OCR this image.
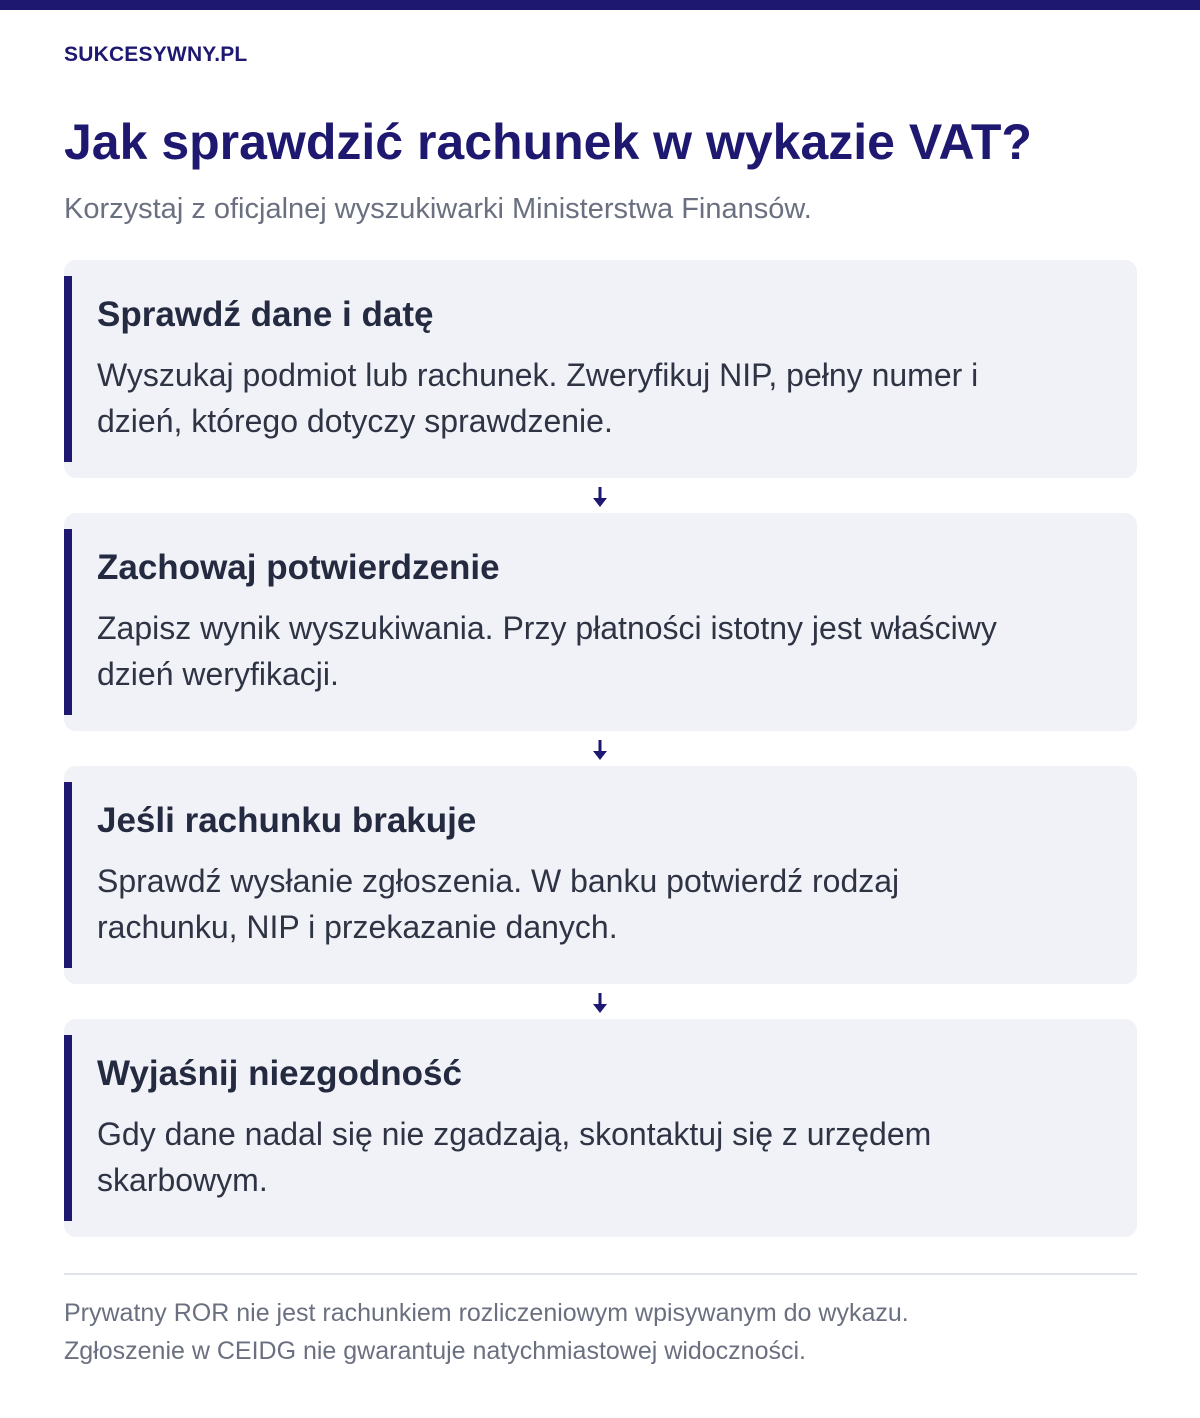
SUKCESYWNY.PL
Jak sprawdzić rachunek w wykazie VAT?
Korzystaj z oficjalnej wyszukiwarki Ministerstwa Finansów.
Sprawdź dane i datę
Wyszukaj podmiot lub rachunek. Zweryfikuj NIP, pełny numer i dzień, którego dotyczy sprawdzenie.
Zachowaj potwierdzenie
Zapisz wynik wyszukiwania. Przy płatności istotny jest właściwy dzień weryfikacji.
Jeśli rachunku brakuje
Sprawdź wysłanie zgłoszenia. W banku potwierdź rodzaj rachunku, NIP i przekazanie danych.
Wyjaśnij niezgodność
Gdy dane nadal się nie zgadzają, skontaktuj się z urzędem skarbowym.
Prywatny ROR nie jest rachunkiem rozliczeniowym wpisywanym do wykazu.
Zgłoszenie w CEIDG nie gwarantuje natychmiastowej widoczności.
